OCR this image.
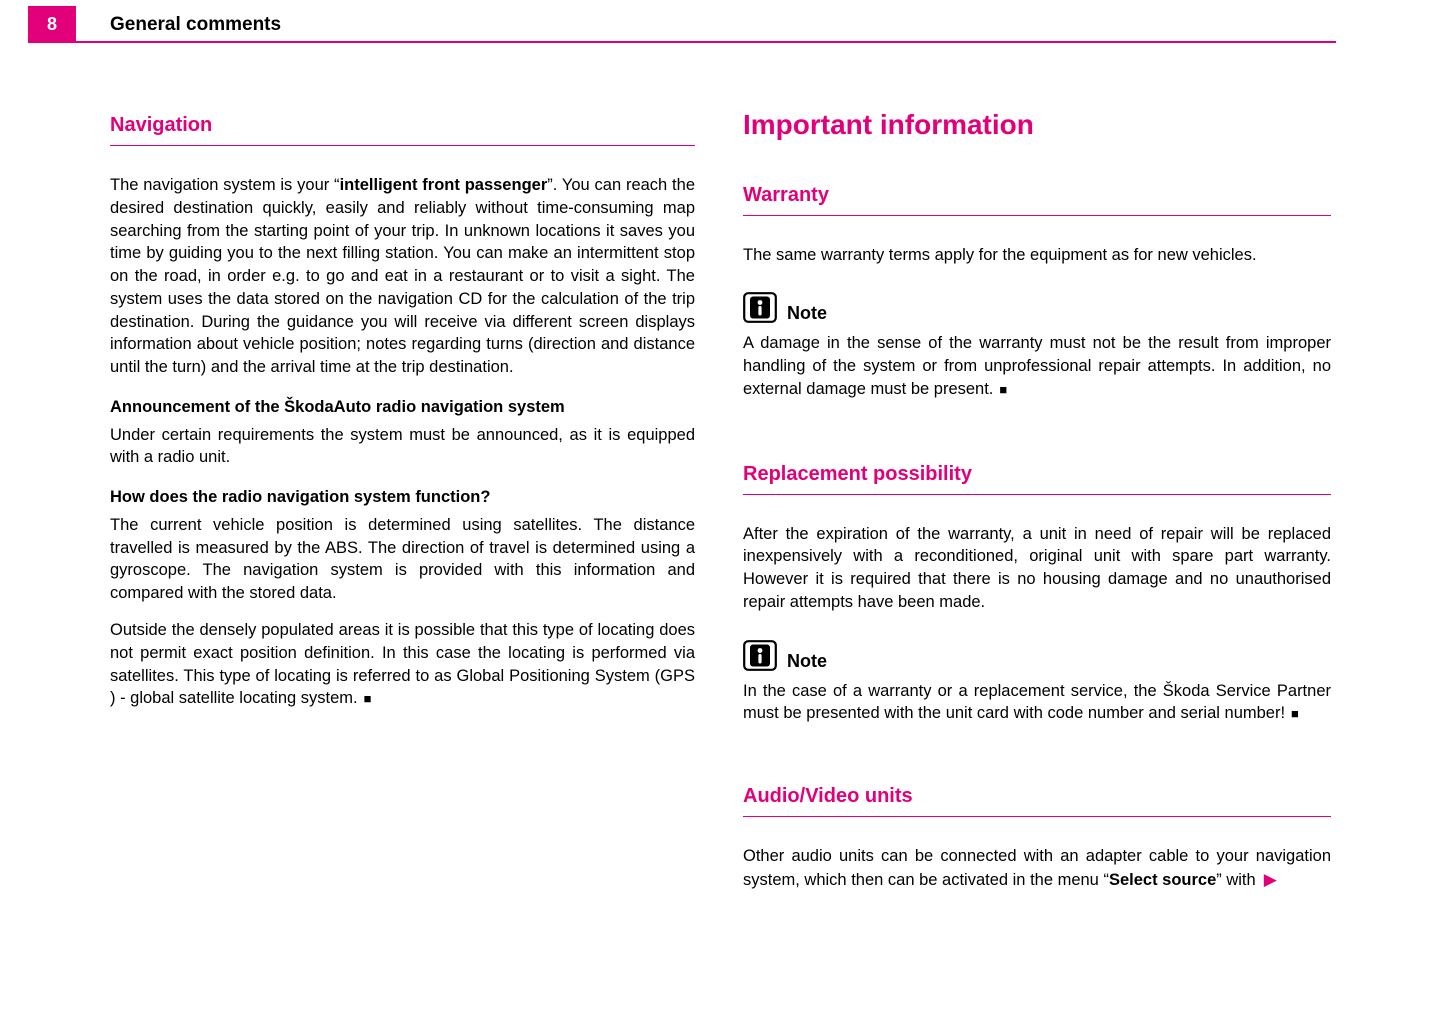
8	General comments
Navigation

The navigation system is your “intelligent front passenger”. You can reach the desired destination quickly, easily and reliably without time-consuming map searching from the starting point of your trip. In unknown locations it saves you time by guiding you to the next filling station. You can make an intermittent stop on the road, in order e.g. to go and eat in a restaurant or to visit a sight. The system uses the data stored on the navigation CD for the calculation of the trip destination. During the guidance you will receive via different screen displays information about vehicle position; notes regarding turns (direction and distance until the turn) and the arrival time at the trip destination.

Announcement of the ŠkodaAuto radio navigation system

Under certain requirements the system must be announced, as it is equipped with a radio unit.

How does the radio navigation system function?

The current vehicle position is determined using satellites. The distance travelled is measured by the ABS. The direction of travel is determined using a gyroscope. The navigation system is provided with this information and compared with the stored data.

Outside the densely populated areas it is possible that this type of locating does not permit exact position definition. In this case the locating is performed via satellites. This type of locating is referred to as Global Positioning System (GPS ) - global satellite locating system. ■

Important information
Warranty

The same warranty terms apply for the equipment as for new vehicles.

Note

A damage in the sense of the warranty must not be the result from improper handling of the system or from unprofessional repair attempts. In addition, no external damage must be present. ■

Replacement possibility

After the expiration of the warranty, a unit in need of repair will be replaced inexpensively with a reconditioned, original unit with spare part warranty. However it is required that there is no housing damage and no unauthorised repair attempts have been made.

Note

In the case of a warranty or a replacement service, the Škoda Service Partner must be presented with the unit card with code number and serial number! ■

Audio/Video units

Other audio units can be connected with an adapter cable to your navigation system, which then can be activated in the menu “Select source” with ▶
